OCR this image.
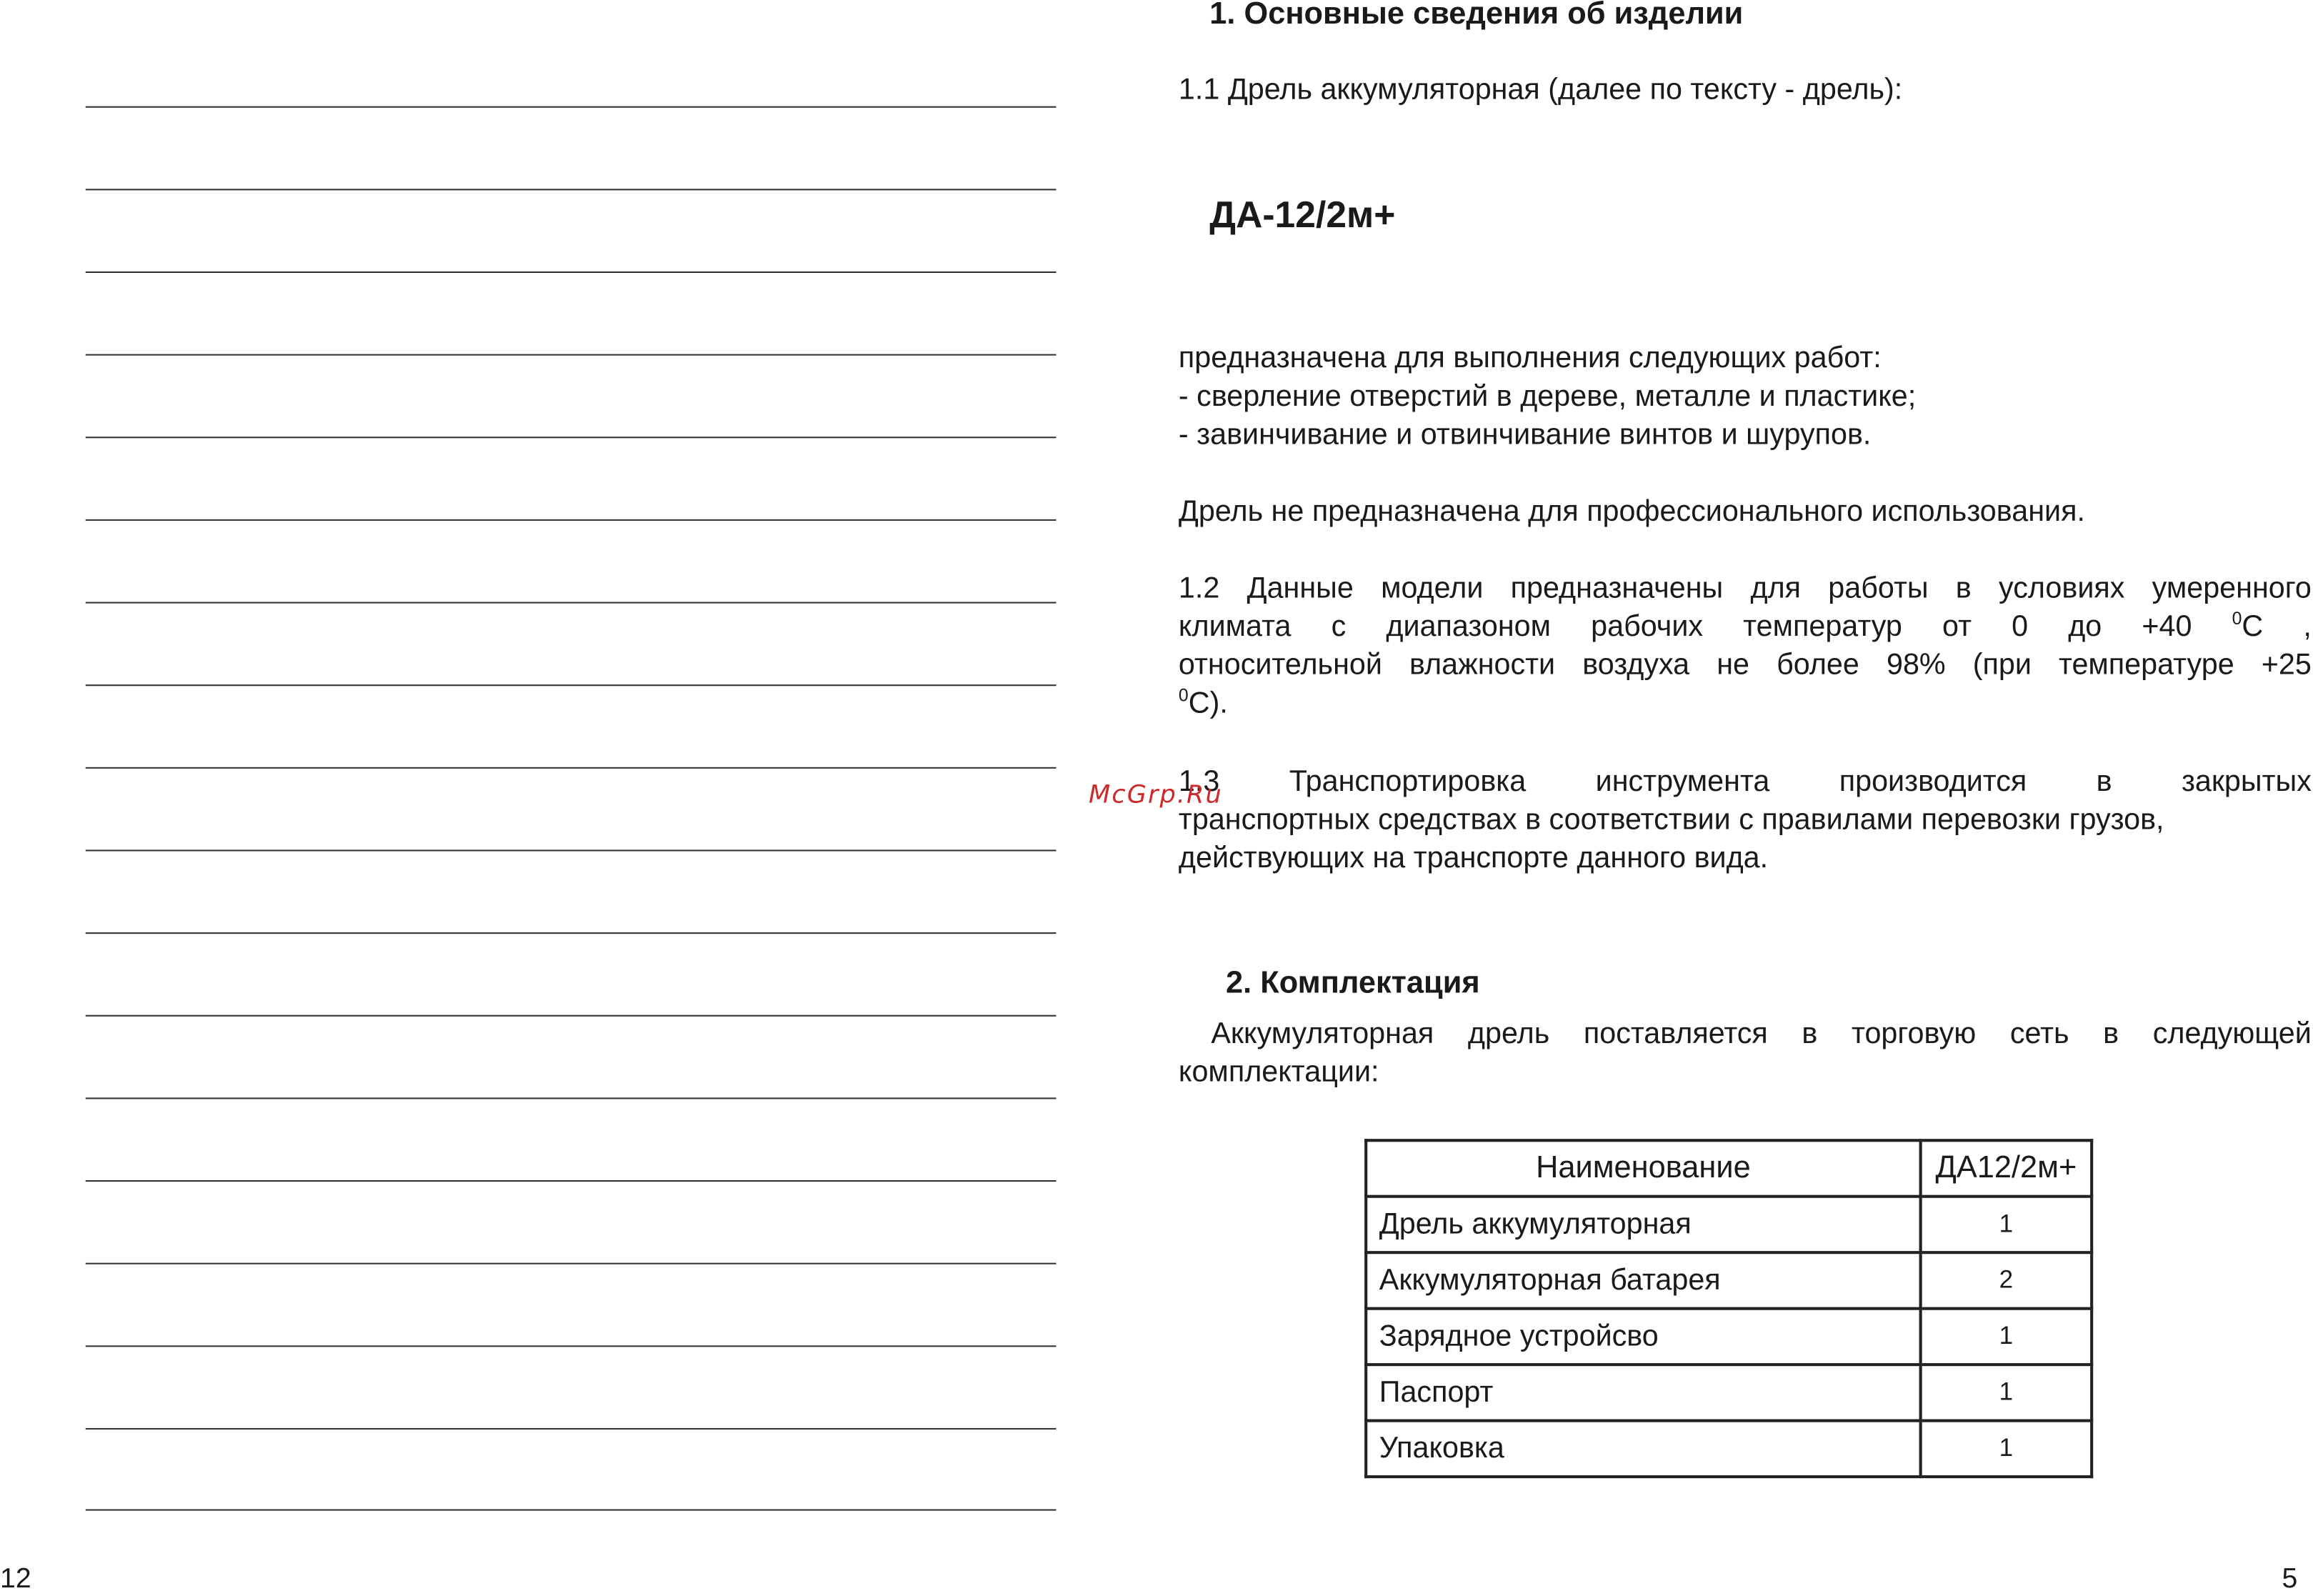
12
1. Основные сведения об изделии
1.1 Дрель аккумуляторная (далее по тексту - дрель):
ДА-12/2м+
предназначена для выполнения следующих работ:
- сверление отверстий в дереве, металле и пластике;
- завинчивание и отвинчивание винтов и шурупов.
Дрель не предназначена для профессионального использования.
1.2 Данные модели предназначены для работы в условиях умеренного
климата с диапазоном рабочих температур от 0 до +40	$^0$C ,
относительной влажности воздуха не более 98% (при температуре +25
$^0$C).
1.3 Транспортировка инструмента производится в закрытых
транспортных средствах в соответствии с правилами перевозки грузов,
действующих на транспорте данного вида.
McGrp.Ru
2. Комплектация
Аккумуляторная дрель поставляется в торговую сеть в следующей
комплектации:
Наименование	ДА12/2м+
Дрель аккумуляторная	1
Аккумуляторная батарея	2
Зарядное устройсво	1
Паспорт	1
Упаковка	1
5
